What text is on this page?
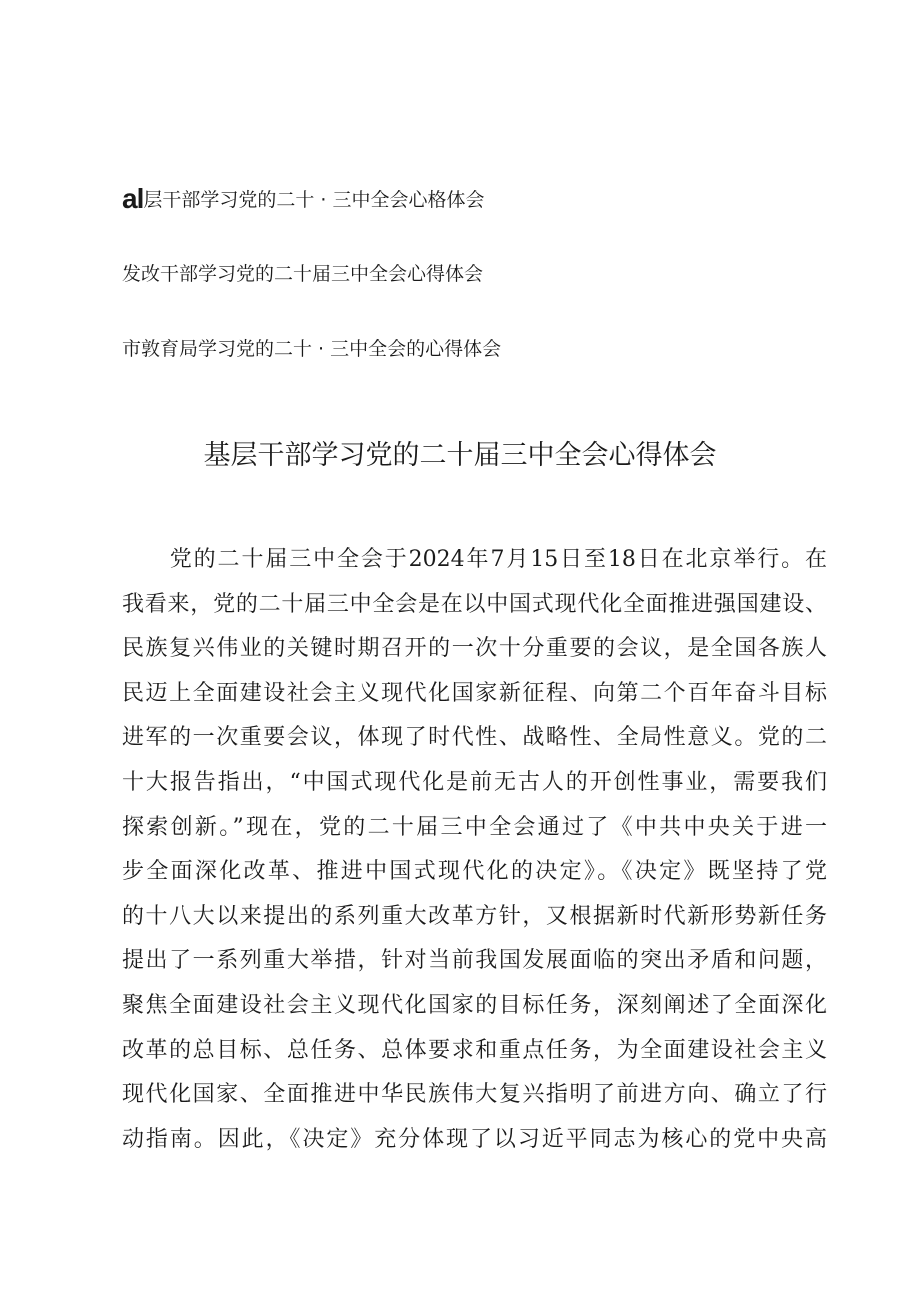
al层干部学习党的二十 · 三中全会心格体会
发改干部学习党的二十届三中全会心得体会
市敦育局学习党的二十 · 三中全会的心得体会
基层干部学习党的二十届三中全会心得体会
　　党的二十届三中全会于2024年7月15日至18日在北京举行。在
我看来，党的二十届三中全会是在以中国式现代化全面推进强国建设、
民族复兴伟业的关键时期召开的一次十分重要的会议，是全国各族人
民迈上全面建设社会主义现代化国家新征程、向第二个百年奋斗目标
进军的一次重要会议，体现了时代性、战略性、全局性意义。党的二
十大报告指出，“中国式现代化是前无古人的开创性事业，需要我们
探索创新。”现在，党的二十届三中全会通过了《中共中央关于进一
步全面深化改革、推进中国式现代化的决定》。《决定》既坚持了党
的十八大以来提出的系列重大改革方针，又根据新时代新形势新任务
提出了一系列重大举措，针对当前我国发展面临的突出矛盾和问题，
聚焦全面建设社会主义现代化国家的目标任务，深刻阐述了全面深化
改革的总目标、总任务、总体要求和重点任务，为全面建设社会主义
现代化国家、全面推进中华民族伟大复兴指明了前进方向、确立了行
动指南。因此，《决定》充分体现了以习近平同志为核心的党中央高
